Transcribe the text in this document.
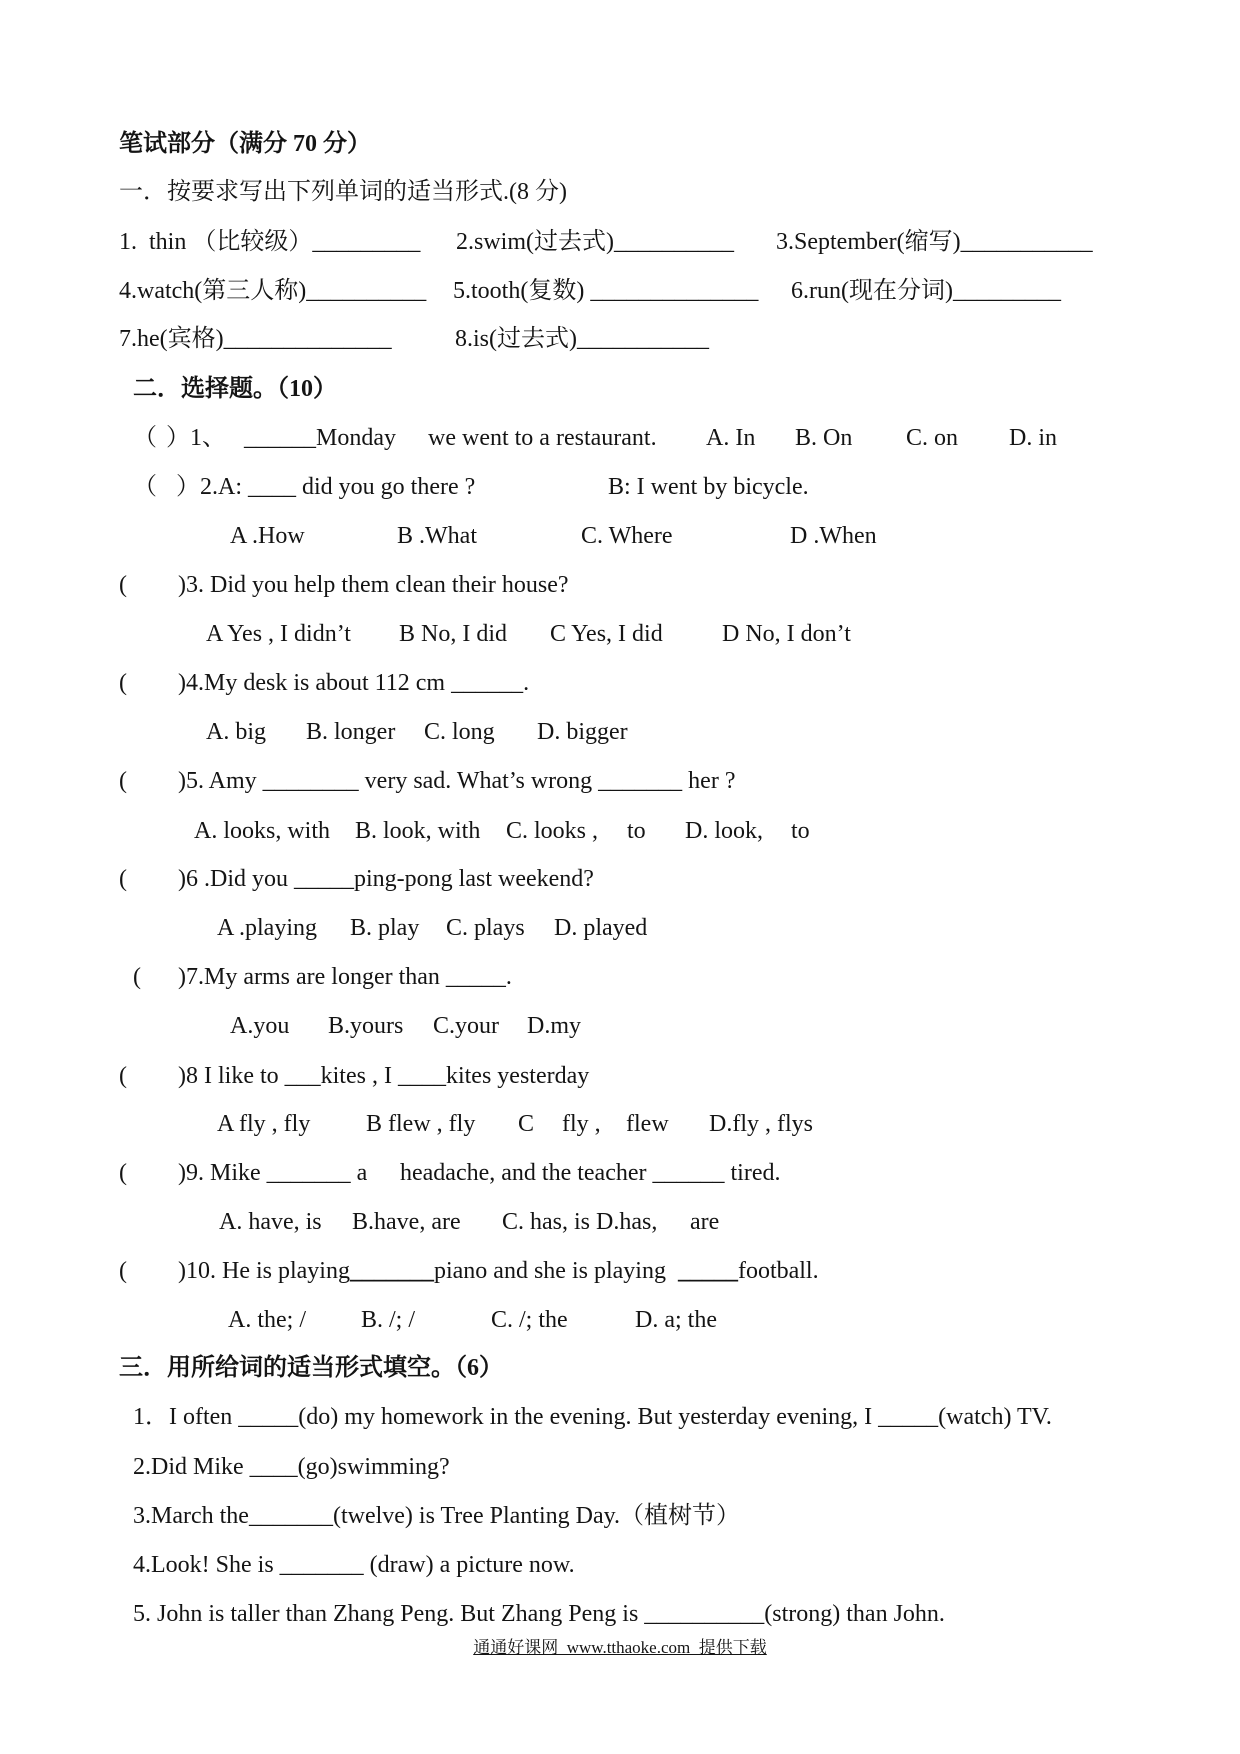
笔试部分（满分 70 分）
一．按要求写出下列单词的适当形式.(8 分)
1.  thin （比较级）_________ 2.swim(过去式)__________ 3.September(缩写)___________
4.watch(第三人称)__________ 5.tooth(复数) ______________ 6.run(现在分词)_________
7.he(宾格)______________	8.is(过去式)___________
二．选择题。（10）
（ ）1、 ______Monday we went to a restaurant. A. In B. On C. on D. in
（ ）2.A: ____ did you go there ?	B: I went by bicycle.
A .How	B .What	C. Where	D .When
( )3. Did you help them clean their house?
A Yes , I didn’t B No, I did C Yes, I did D No, I don’t
( )4.My desk is about 112 cm ______.
A. big B. longer C. long D. bigger
( )5. Amy ________ very sad. What’s wrong _______ her ?
A. looks, with B. look, with C. looks , to D. look, to
( )6 .Did you _____ping-pong last weekend?
A .playing B. play C. plays D. played
( )7.My arms are longer than _____.
A.you B.yours C.your D.my
( )8 I like to ___kites , I ____kites yesterday
A fly , fly B flew , fly C fly , flew D.fly , flys
( )9. Mike _______ a headache, and the teacher ______ tired.
A. have, is B.have, are C. has, is D.has, are
( )10. He is playing_______piano and she is playing _____football.
A. the; / B. /; /	C. /; the	D. a; the
三．用所给词的适当形式填空。（6）
1．I often _____(do) my homework in the evening. But yesterday evening, I _____(watch) TV.
2.Did Mike ____(go)swimming?
3.March the_______(twelve) is Tree Planting Day.（植树节）
4.Look! She is _______ (draw) a picture now.
5. John is taller than Zhang Peng. But Zhang Peng is __________(strong) than John.
通通好课网  www.tthaoke.com  提供下载
